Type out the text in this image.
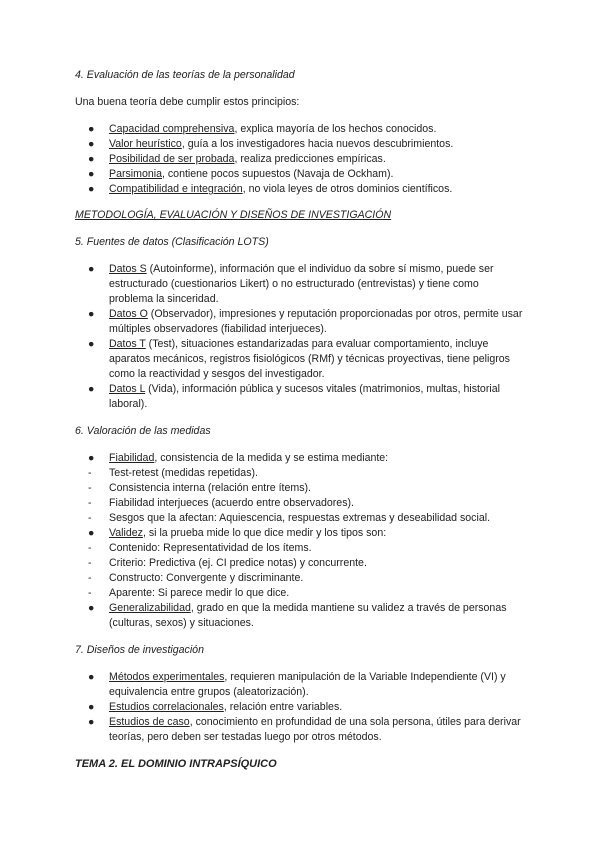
4. Evaluación de las teorías de la personalidad

Una buena teoría debe cumplir estos principios:

●	Capacidad comprehensiva, explica mayoría de los hechos conocidos.
●	Valor heurístico, guía a los investigadores hacia nuevos descubrimientos.
●	Posibilidad de ser probada, realiza predicciones empíricas.
●	Parsimonia, contiene pocos supuestos (Navaja de Ockham).
●	Compatibilidad e integración, no viola leyes de otros dominios científicos.

METODOLOGÍA, EVALUACIÓN Y DISEÑOS DE INVESTIGACIÓN

5. Fuentes de datos (Clasificación LOTS)

●	Datos S (Autoinforme), información que el individuo da sobre sí mismo, puede ser estructurado (cuestionarios Likert) o no estructurado (entrevistas) y tiene como problema la sinceridad.
●	Datos O (Observador), impresiones y reputación proporcionadas por otros, permite usar múltiples observadores (fiabilidad interjueces).
●	Datos T (Test), situaciones estandarizadas para evaluar comportamiento, incluye aparatos mecánicos, registros fisiológicos (RMf) y técnicas proyectivas, tiene peligros como la reactividad y sesgos del investigador.
●	Datos L (Vida), información pública y sucesos vitales (matrimonios, multas, historial laboral).

6. Valoración de las medidas

●	Fiabilidad, consistencia de la medida y se estima mediante:
-	Test-retest (medidas repetidas).
-	Consistencia interna (relación entre ítems).
-	Fiabilidad interjueces (acuerdo entre observadores).
-	Sesgos que la afectan: Aquiescencia, respuestas extremas y deseabilidad social.
●	Validez, si la prueba mide lo que dice medir y los tipos son:
-	Contenido: Representatividad de los ítems.
-	Criterio: Predictiva (ej. CI predice notas) y concurrente.
-	Constructo: Convergente y discriminante.
-	Aparente: Si parece medir lo que dice.
●	Generalizabilidad, grado en que la medida mantiene su validez a través de personas (culturas, sexos) y situaciones.

7. Diseños de investigación

●	Métodos experimentales, requieren manipulación de la Variable Independiente (VI) y equivalencia entre grupos (aleatorización).
●	Estudios correlacionales, relación entre variables.
●	Estudios de caso, conocimiento en profundidad de una sola persona, útiles para derivar teorías, pero deben ser testadas luego por otros métodos.

TEMA 2. EL DOMINIO INTRAPSÍQUICO
